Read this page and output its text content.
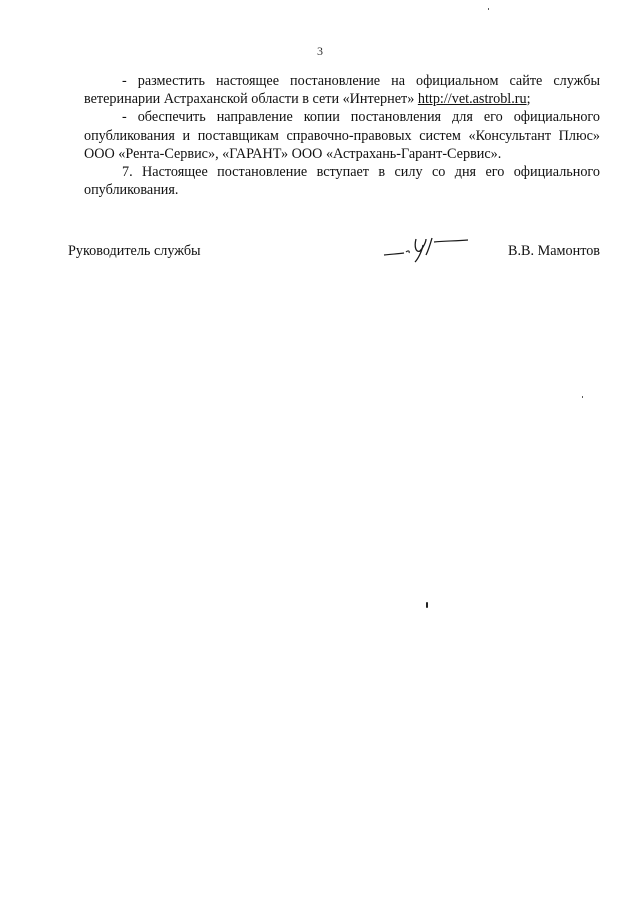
3

- разместить настоящее постановление на официальном сайте службы ветеринарии Астраханской области в сети «Интернет» http://vet.astrobl.ru;

- обеспечить направление копии постановления для его официального опубликования и поставщикам справочно-правовых систем «Консультант Плюс» ООО «Рента-Сервис», «ГАРАНТ» ООО «Астрахань-Гарант-Сервис».

7. Настоящее постановление вступает в силу со дня его официального опубликования.

Руководитель службы	В.В. Мамонтов
